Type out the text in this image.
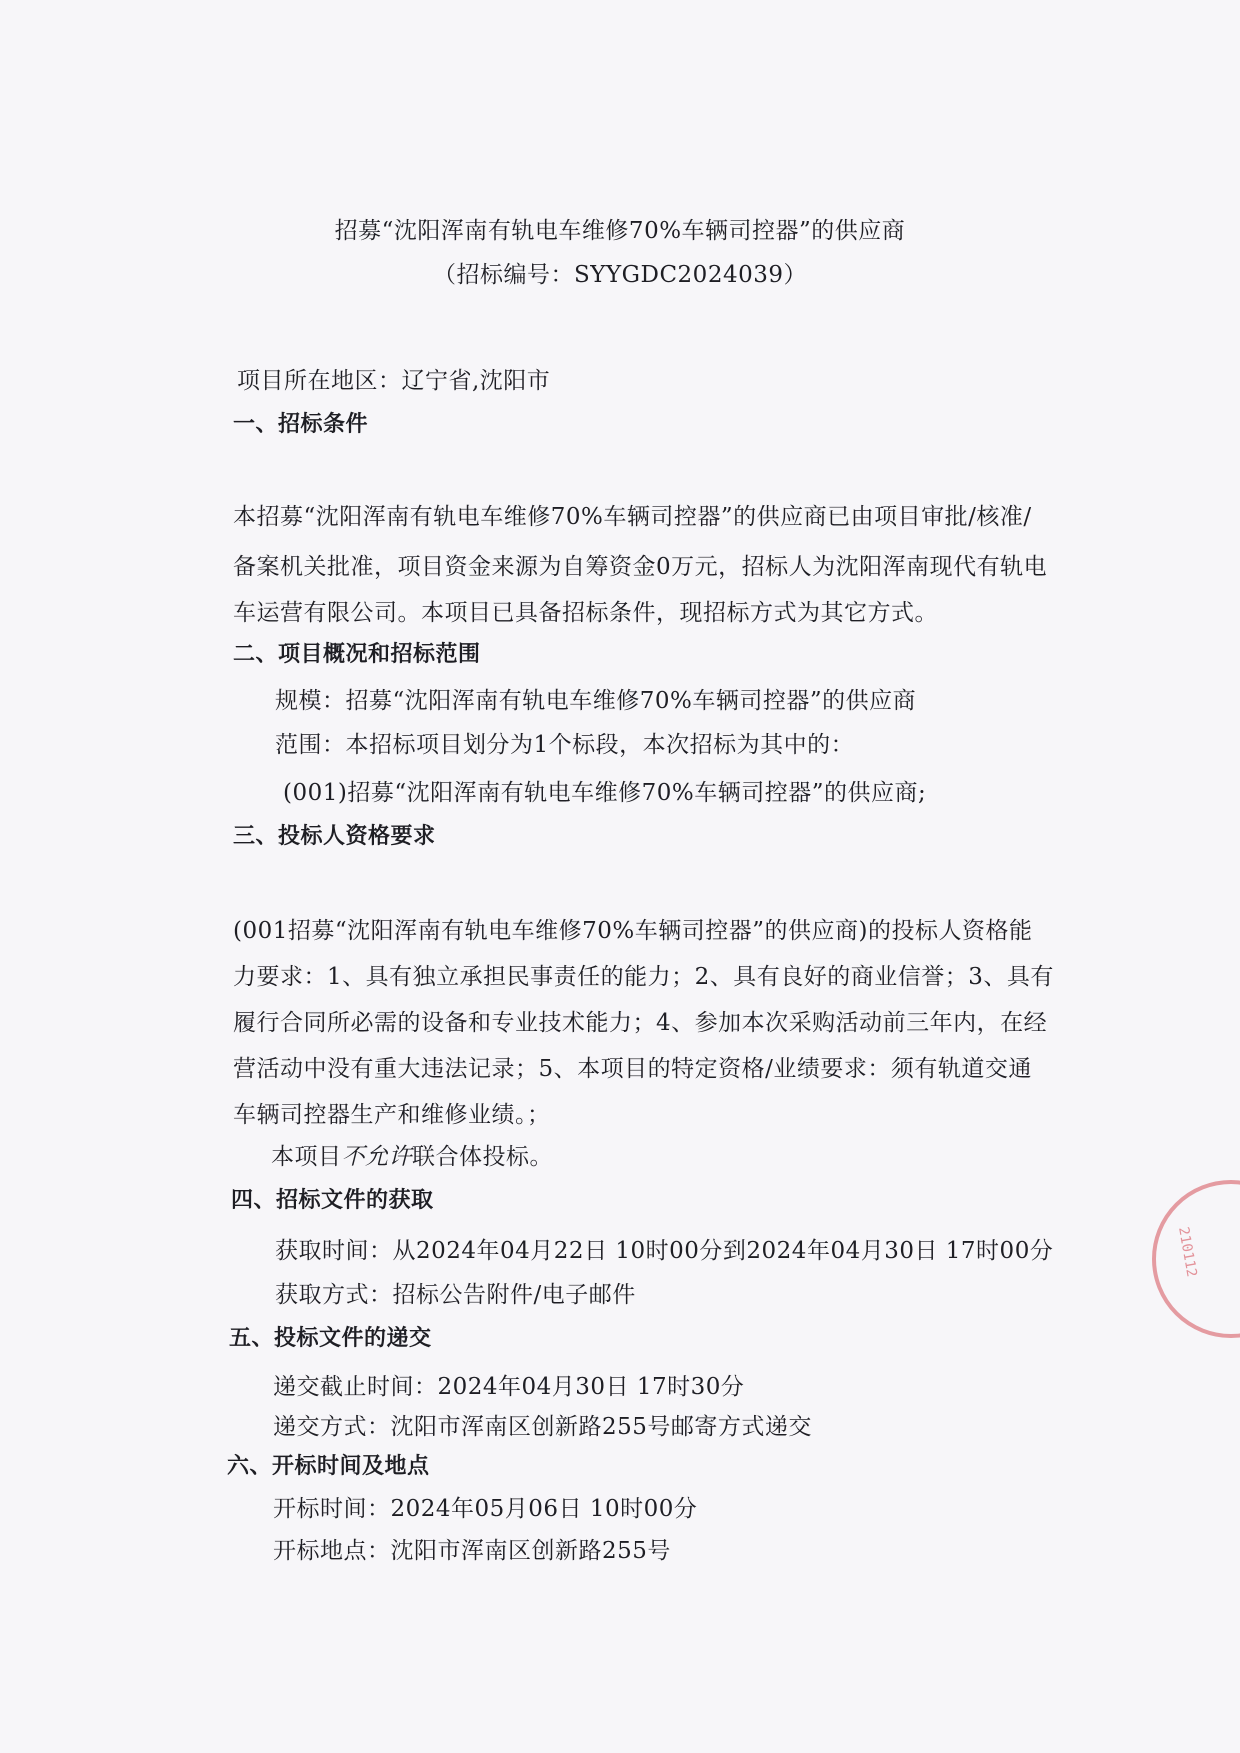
招募“沈阳浑南有轨电车维修70%车辆司控器”的供应商
（招标编号：SYYGDC2024039）
项目所在地区：辽宁省,沈阳市
一、招标条件
本招募“沈阳浑南有轨电车维修70%车辆司控器”的供应商已由项目审批/核准/
备案机关批准，项目资金来源为自筹资金0万元，招标人为沈阳浑南现代有轨电
车运营有限公司。本项目已具备招标条件，现招标方式为其它方式。
二、项目概况和招标范围
规模：招募“沈阳浑南有轨电车维修70%车辆司控器”的供应商
范围：本招标项目划分为1个标段，本次招标为其中的：
(001)招募“沈阳浑南有轨电车维修70%车辆司控器”的供应商;
三、投标人资格要求
(001招募“沈阳浑南有轨电车维修70%车辆司控器”的供应商)的投标人资格能
力要求：1、具有独立承担民事责任的能力；2、具有良好的商业信誉；3、具有
履行合同所必需的设备和专业技术能力；4、参加本次采购活动前三年内，在经
营活动中没有重大违法记录；5、本项目的特定资格/业绩要求：须有轨道交通
车辆司控器生产和维修业绩。；
本项目不允许联合体投标。
四、招标文件的获取
获取时间：从2024年04月22日 10时00分到2024年04月30日 17时00分
获取方式：招标公告附件/电子邮件
五、投标文件的递交
递交截止时间：2024年04月30日 17时30分
递交方式：沈阳市浑南区创新路255号邮寄方式递交
六、开标时间及地点
开标时间：2024年05月06日 10时00分
开标地点：沈阳市浑南区创新路255号
210112
